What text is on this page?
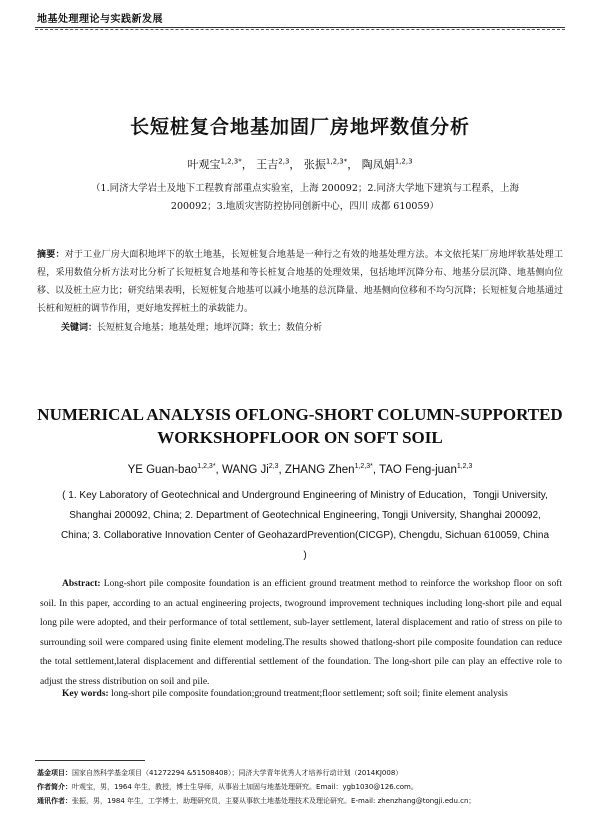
地基处理理论与实践新发展
长短桩复合地基加固厂房地坪数值分析
叶观宝$^{1,2,3*}$， 王吉$^{2,3}$， 张振$^{1,2,3*}$， 陶凤娟$^{1,2,3}$
（1.同济大学岩土及地下工程教育部重点实验室，上海 200092；2.同济大学地下建筑与工程系，上海
200092；3.地质灾害防控协同创新中心，四川 成都 610059）
摘要：对于工业厂房大面积地坪下的软土地基，长短桩复合地基是一种行之有效的地基处理方法。本文依托某厂房地坪软基处理工程，采用数值分析方法对比分析了长短桩复合地基和等长桩复合地基的处理效果，包括地坪沉降分布、地基分层沉降、地基侧向位移、以及桩土应力比；研究结果表明，长短桩复合地基可以减小地基的总沉降量、地基侧向位移和不均匀沉降；长短桩复合地基通过长桩和短桩的调节作用，更好地发挥桩土的承载能力。
关键词：长短桩复合地基；地基处理；地坪沉降；软土；数值分析
NUMERICAL ANALYSIS OFLONG-SHORT COLUMN-SUPPORTED
WORKSHOPFLOOR ON SOFT SOIL
YE Guan-bao$^{1,2,3*}$, WANG Ji$^{2,3}$, ZHANG Zhen$^{1,2,3*}$, TAO Feng-juan$^{1,2,3}$
( 1. Key Laboratory of Geotechnical and Underground Engineering of Ministry of Education，Tongji University, Shanghai 200092, China; 2. Department of Geotechnical Engineering, Tongji University, Shanghai 200092, China; 3. Collaborative Innovation Center of GeohazardPrevention(CICGP), Chengdu, Sichuan 610059, China )
Abstract: Long-short pile composite foundation is an efficient ground treatment method to reinforce the workshop floor on soft soil. In this paper, according to an actual engineering projects, twoground improvement techniques including long-short pile and equal long pile were adopted, and their performance of total settlement, sub-layer settlement, lateral displacement and ratio of stress on pile to surrounding soil were compared using finite element modeling.The results showed thatlong-short pile composite foundation can reduce the total settlement,lateral displacement and differential settlement of the foundation. The long-short pile can play an effective role to adjust the stress distribution on soil and pile.
Key words: long-short pile composite foundation;ground treatment;floor settlement; soft soil; finite element analysis
基金项目：国家自然科学基金项目（41272294 &51508408）；同济大学青年优秀人才培养行动计划（2014KJ008）
作者简介：叶观宝，男，1964 年生，教授，博士生导师，从事岩土加固与地基处理研究。Email：ygb1030@126.com。
通讯作者：张振，男，1984 年生，工学博士，助理研究员，主要从事软土地基处理技术及理论研究。E-mail: zhenzhang@tongji.edu.cn；
